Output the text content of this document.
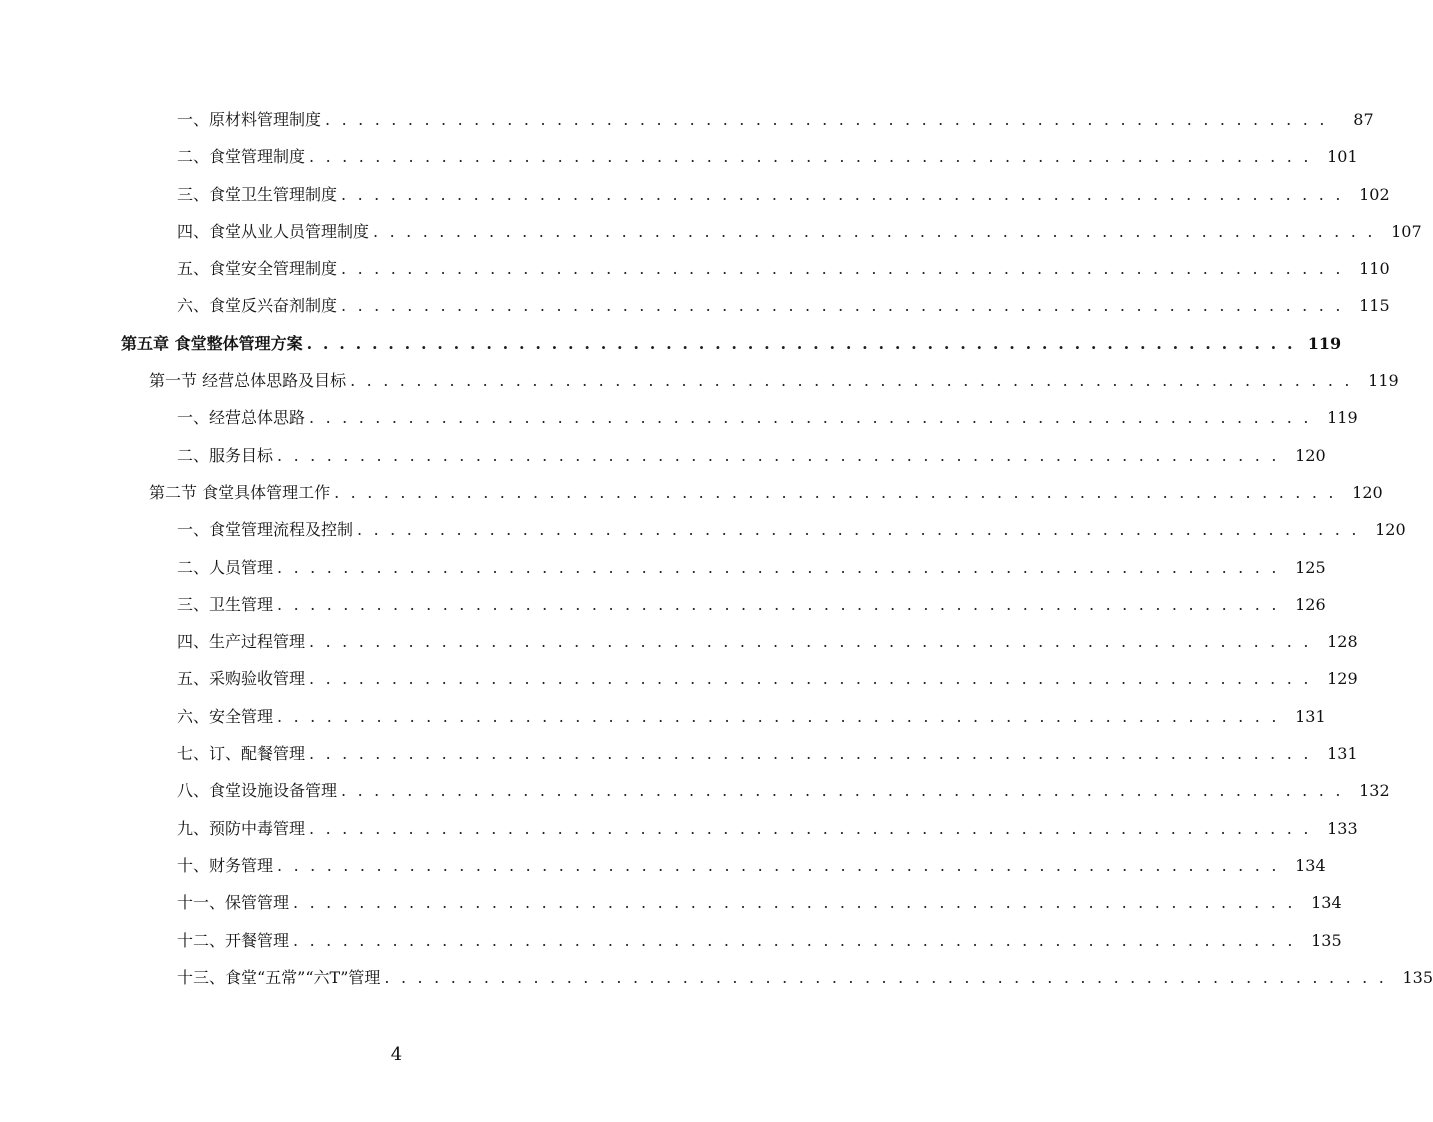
一、原材料管理制度 . . . . . . . . . . . . . . . . . . . . . . . . . . . . . . . . . . . . . . . . . . . . . . . . . . . . . . . . . . . . .	87
二、食堂管理制度 . . . . . . . . . . . . . . . . . . . . . . . . . . . . . . . . . . . . . . . . . . . . . . . . . . . . . . . . . . . . . 101
三、食堂卫生管理制度 . . . . . . . . . . . . . . . . . . . . . . . . . . . . . . . . . . . . . . . . . . . . . . . . . . . . . . . . . . . . . 102
四、食堂从业人员管理制度 . . . . . . . . . . . . . . . . . . . . . . . . . . . . . . . . . . . . . . . . . . . . . . . . . . . . . . . . . . . . . 107
五、食堂安全管理制度 . . . . . . . . . . . . . . . . . . . . . . . . . . . . . . . . . . . . . . . . . . . . . . . . . . . . . . . . . . . . . 110
六、食堂反兴奋剂制度 . . . . . . . . . . . . . . . . . . . . . . . . . . . . . . . . . . . . . . . . . . . . . . . . . . . . . . . . . . . . . 115
第五章 食堂整体管理方案 . . . . . . . . . . . . . . . . . . . . . . . . . . . . . . . . . . . . . . . . . . . . . . . . . . . . . . . . . . . . . 119
第一节 经营总体思路及目标 . . . . . . . . . . . . . . . . . . . . . . . . . . . . . . . . . . . . . . . . . . . . . . . . . . . . . . . . . . . . . 119
一、经营总体思路 . . . . . . . . . . . . . . . . . . . . . . . . . . . . . . . . . . . . . . . . . . . . . . . . . . . . . . . . . . . . . 119
二、服务目标 . . . . . . . . . . . . . . . . . . . . . . . . . . . . . . . . . . . . . . . . . . . . . . . . . . . . . . . . . . . . . 120
第二节 食堂具体管理工作 . . . . . . . . . . . . . . . . . . . . . . . . . . . . . . . . . . . . . . . . . . . . . . . . . . . . . . . . . . . . . 120
一、食堂管理流程及控制 . . . . . . . . . . . . . . . . . . . . . . . . . . . . . . . . . . . . . . . . . . . . . . . . . . . . . . . . . . . . . 120
二、人员管理 . . . . . . . . . . . . . . . . . . . . . . . . . . . . . . . . . . . . . . . . . . . . . . . . . . . . . . . . . . . . . 125
三、卫生管理 . . . . . . . . . . . . . . . . . . . . . . . . . . . . . . . . . . . . . . . . . . . . . . . . . . . . . . . . . . . . . 126
四、生产过程管理 . . . . . . . . . . . . . . . . . . . . . . . . . . . . . . . . . . . . . . . . . . . . . . . . . . . . . . . . . . . . . 128
五、采购验收管理 . . . . . . . . . . . . . . . . . . . . . . . . . . . . . . . . . . . . . . . . . . . . . . . . . . . . . . . . . . . . . 129
六、安全管理 . . . . . . . . . . . . . . . . . . . . . . . . . . . . . . . . . . . . . . . . . . . . . . . . . . . . . . . . . . . . . 131
七、订、配餐管理 . . . . . . . . . . . . . . . . . . . . . . . . . . . . . . . . . . . . . . . . . . . . . . . . . . . . . . . . . . . . . 131
八、食堂设施设备管理 . . . . . . . . . . . . . . . . . . . . . . . . . . . . . . . . . . . . . . . . . . . . . . . . . . . . . . . . . . . . . 132
九、预防中毒管理 . . . . . . . . . . . . . . . . . . . . . . . . . . . . . . . . . . . . . . . . . . . . . . . . . . . . . . . . . . . . . 133
十、财务管理 . . . . . . . . . . . . . . . . . . . . . . . . . . . . . . . . . . . . . . . . . . . . . . . . . . . . . . . . . . . . . 134
十一、保管管理 . . . . . . . . . . . . . . . . . . . . . . . . . . . . . . . . . . . . . . . . . . . . . . . . . . . . . . . . . . . . . 134
十二、开餐管理 . . . . . . . . . . . . . . . . . . . . . . . . . . . . . . . . . . . . . . . . . . . . . . . . . . . . . . . . . . . . . 135
十三、食堂“五常”“六T”管理 . . . . . . . . . . . . . . . . . . . . . . . . . . . . . . . . . . . . . . . . . . . . . . . . . . . . . . . . . . . . . 135
4
